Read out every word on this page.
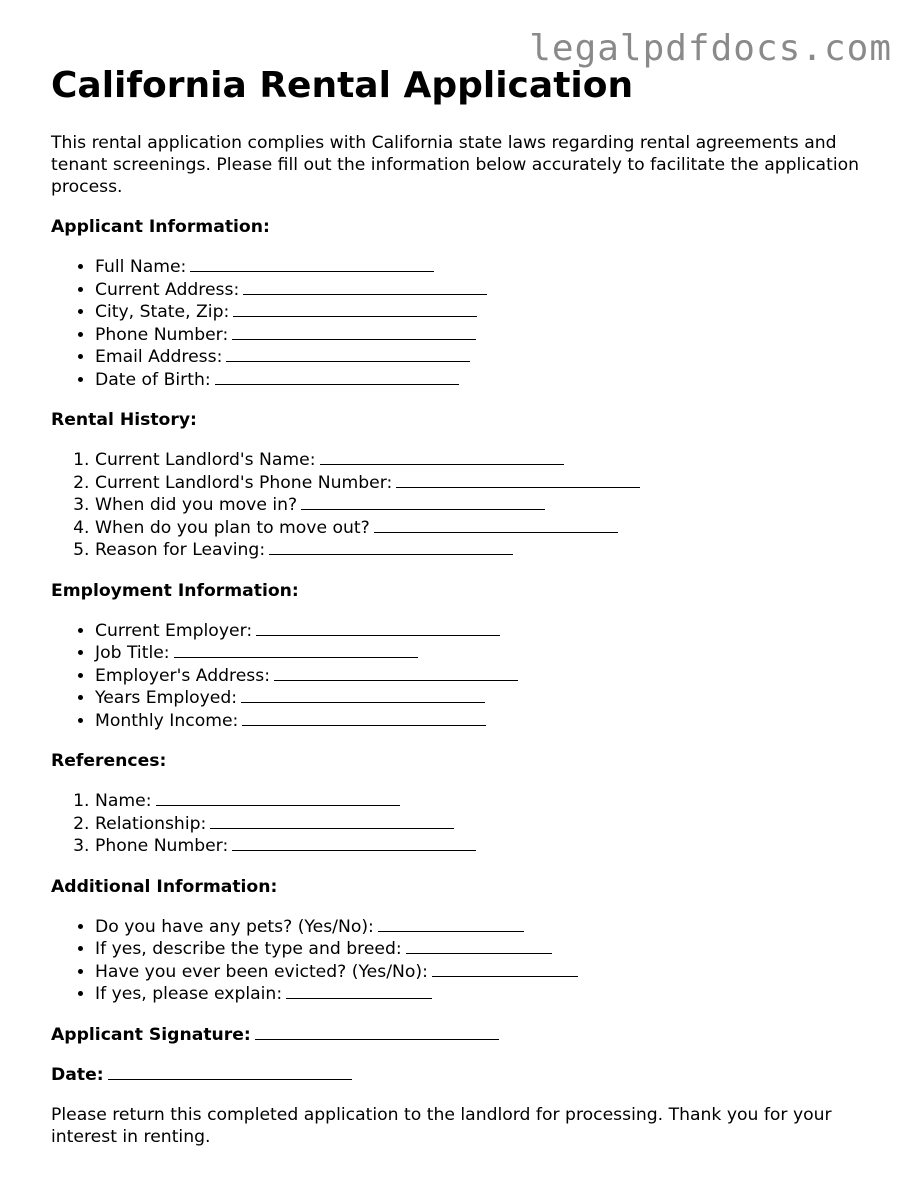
legalpdfdocs.com
California Rental Application

This rental application complies with California state laws regarding rental agreements and tenant screenings. Please fill out the information below accurately to facilitate the application process.

Applicant Information:

• Full Name:
• Current Address:
• City, State, Zip:
• Phone Number:
• Email Address:
• Date of Birth:

Rental History:

1. Current Landlord's Name:
2. Current Landlord's Phone Number:
3. When did you move in?
4. When do you plan to move out?
5. Reason for Leaving:

Employment Information:

• Current Employer:
• Job Title:
• Employer's Address:
• Years Employed:
• Monthly Income:

References:

1. Name:
2. Relationship:
3. Phone Number:

Additional Information:

• Do you have any pets? (Yes/No):
• If yes, describe the type and breed:
• Have you ever been evicted? (Yes/No):
• If yes, please explain:

Applicant Signature:

Date:

Please return this completed application to the landlord for processing. Thank you for your interest in renting.
